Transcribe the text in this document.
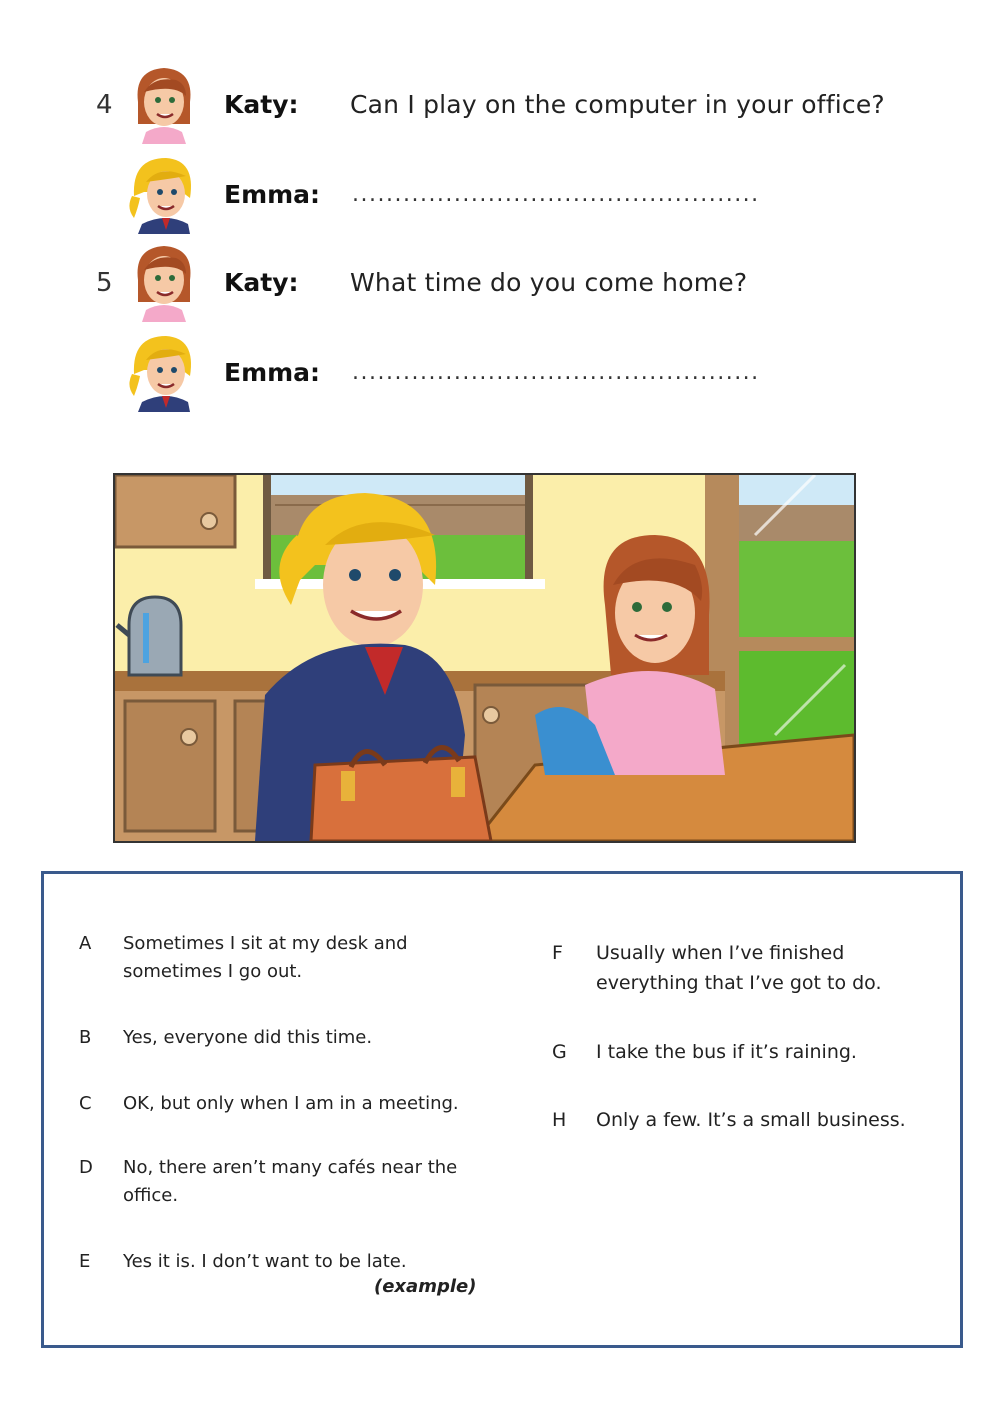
4	Katy: Can I play on the computer in your office?
Emma: ................................................
5	Katy: What time do you come home?
Emma: ................................................
A	Sometimes I sit at my desk and sometimes I go out.
B	Yes, everyone did this time.
C	OK, but only when I am in a meeting.
D	No, there aren’t many cafés near the office.
E	Yes it is. I don’t want to be late.
(example)
F	Usually when I’ve finished everything that I’ve got to do.
G	I take the bus if it’s raining.
H	Only a few. It’s a small business.
